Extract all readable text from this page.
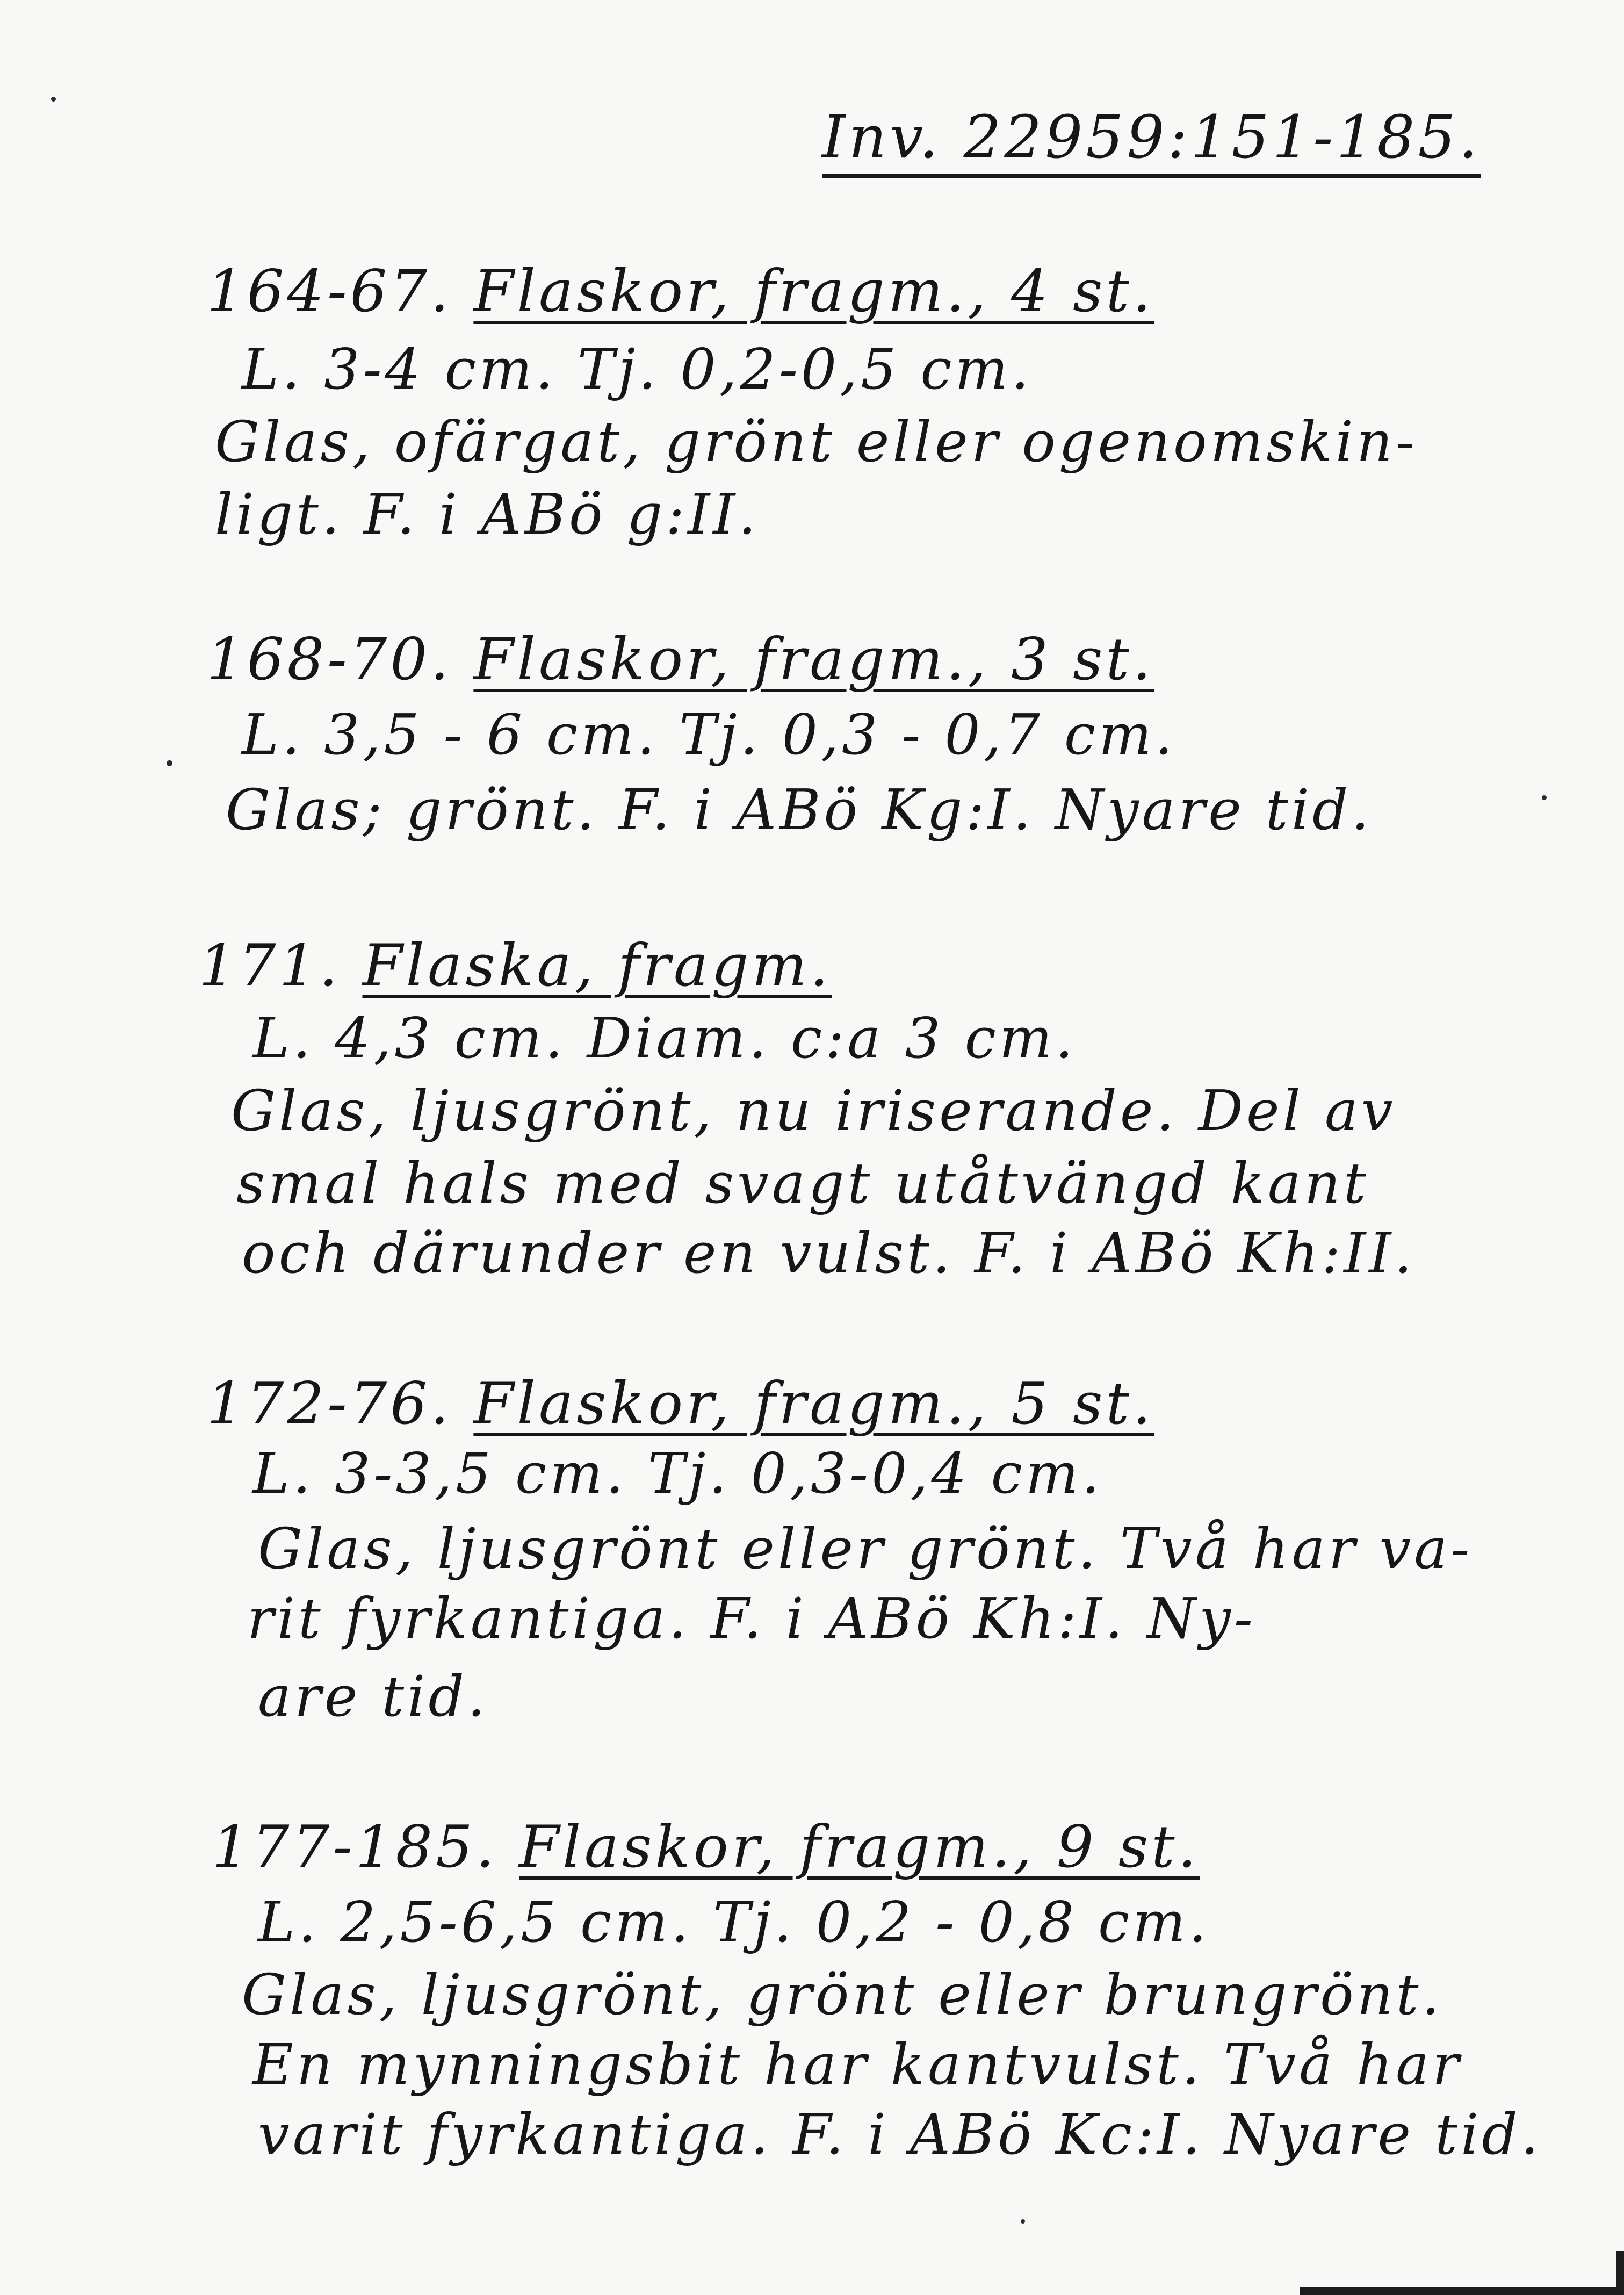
Inv. 22959:151-185.
164-67. Flaskor, fragm., 4 st.
L. 3-4 cm. Tj. 0,2-0,5 cm.
Glas, ofärgat, grönt eller ogenomskin-
ligt. F. i ABö g:II.
168-70. Flaskor, fragm., 3 st.
L. 3,5 - 6 cm. Tj. 0,3 - 0,7 cm.
Glas; grönt. F. i ABö Kg:I. Nyare tid.
171. Flaska, fragm.
L. 4,3 cm. Diam. c:a 3 cm.
Glas, ljusgrönt, nu iriserande. Del av
smal hals med svagt utåtvängd kant
och därunder en vulst. F. i ABö Kh:II.
172-76. Flaskor, fragm., 5 st.
L. 3-3,5 cm. Tj. 0,3-0,4 cm.
Glas, ljusgrönt eller grönt. Två har va-
rit fyrkantiga. F. i ABö Kh:I. Ny-
are tid.
177-185. Flaskor, fragm., 9 st.
L. 2,5-6,5 cm. Tj. 0,2 - 0,8 cm.
Glas, ljusgrönt, grönt eller brungrönt.
En mynningsbit har kantvulst. Två har
varit fyrkantiga. F. i ABö Kc:I. Nyare tid.
